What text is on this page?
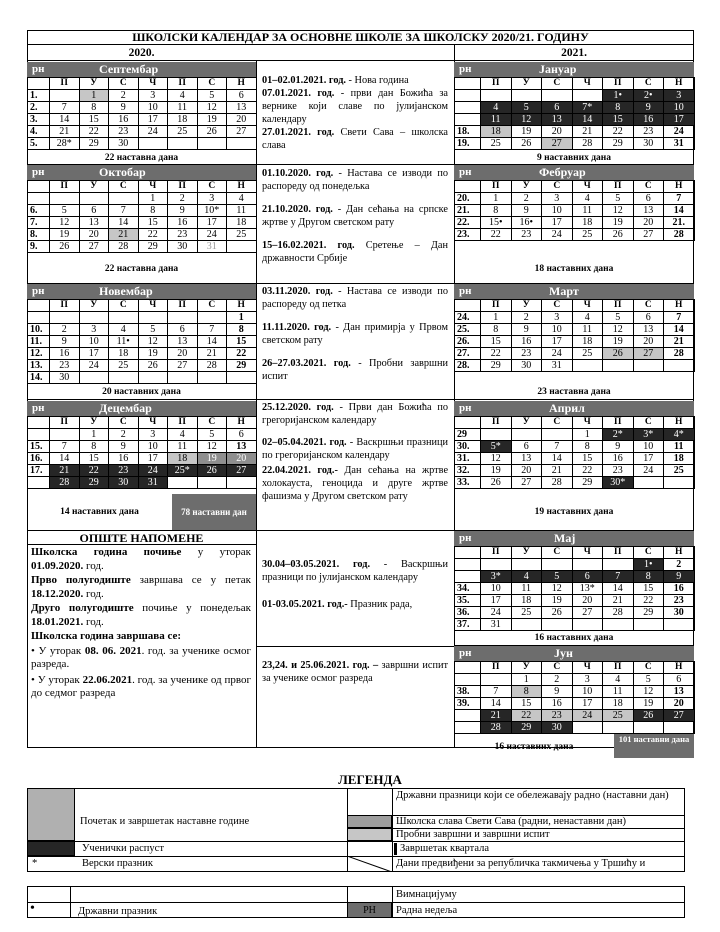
ШКОЛСКИ КАЛЕНДАР ЗА ОСНОВНЕ ШКОЛЕ ЗА ШКОЛСКУ 2020/21. ГОДИНУ
2020.	2021.
рн	Септембар
	П	У	С	Ч	П	С	Н
1.		1	2	3	4	5	6
2.	7	8	9	10	11	12	13
3.	14	15	16	17	18	19	20
4.	21	22	23	24	25	26	27
5.	28*	29	30				
22 наставна дана
рн	Октобар
	П	У	С	Ч	П	С	Н
				1	2	3	4
6.	5	6	7	8	9	10*	11
7.	12	13	14	15	16	17	18
8.	19	20	21	22	23	24	25
9.	26	27	28	29	30	31	
22 наставна дана
рн	Новембар
	П	У	С	Ч	П	С	Н
							1
10.	2	3	4	5	6	7	8
11.	9	10	11•	12	13	14	15
12.	16	17	18	19	20	21	22
13.	23	24	25	26	27	28	29
14.	30						
20 наставних дана
рн	Децембар
	П	У	С	Ч	П	С	Н
		1	2	3	4	5	6
15.	7	8	9	10	11	12	13
16.	14	15	16	17	18	19	20
17.	21	22	23	24	25*	26	27
	28	29	30	31			
14 наставних дана	78 наставни дан
ОПШТЕ НАПОМЕНЕ

Школска година почиње у уторак 01.09.2020. год.

Прво полугодиште завршава се у петак 18.12.2020. год.

Друго полугодиште почиње у понедељак 18.01.2021. год.

Школска година завршава се:

• У уторак 08. 06. 2021. год. за ученике осмог разреда.
• У уторак 22.06.2021. год. за ученике од првог до седмог разреда

01–02.01.2021. год. - Нова година

07.01.2021. год. - први дан Божића за вернике који славе по јулијанском календару

27.01.2021. год. Свети Сава – школска слава

01.10.2020. год. - Настава се изводи по распореду од понедељка

21.10.2020. год. - Дан сећања на српске жртве у Другом светском рату

15–16.02.2021. год. Сретење – Дан државности Србије

03.11.2020. год. - Настава се изводи по распореду од петка

11.11.2020. год. - Дан примирја у Првом светском рату

26–27.03.2021. год. - Пробни завршни испит

25.12.2020. год. - Први дан Божића по грегоријанском календару

02–05.04.2021. год. - Васкршњи празници по грегоријанском календару

22.04.2021. год.- Дан сећања на жртве холокауста, геноцида и друге жртве фашизма у Другом светском рату

30.04–03.05.2021. год. - Васкршњи празници по јулијанском календару

01-03.05.2021. год.- Празник рада,

23,24. и 25.06.2021. год. – завршни испит за ученике осмог разреда

рн	Јануар
	П	У	С	Ч	П	С	Н
					1•	2•	3
	4	5	6	7*	8	9	10
	11	12	13	14	15	16	17
18.	18	19	20	21	22	23	24
19.	25	26	27	28	29	30	31
9 наставних дана
рн	Фебруар
	П	У	С	Ч	П	С	Н
20.	1	2	3	4	5	6	7
21.	8	9	10	11	12	13	14
22.	15•	16•	17	18	19	20	21.
23.	22	23	24	25	26	27	28
18 наставних дана
рн	Март
	П	У	С	Ч	П	С	Н
24.	1	2	3	4	5	6	7
25.	8	9	10	11	12	13	14
26.	15	16	17	18	19	20	21
27.	22	23	24	25	26	27	28
28.	29	30	31				
23 наставна дана
рн	Април
	П	У	С	Ч	П	С	Н
29				1	2*	3*	4*
30.	5*	6	7	8	9	10	11
31.	12	13	14	15	16	17	18
32.	19	20	21	22	23	24	25
33.	26	27	28	29	30*		
19 наставних дана
рн	Мај
	П	У	С	Ч	П	С	Н
						1•	2
	3*	4	5	6	7	8	9
34.	10	11	12	13*	14	15	16
35.	17	18	19	20	21	22	23
36.	24	25	26	27	28	29	30
37.	31						
16 наставних дана
рн	Јун
	П	У	С	Ч	П	С	Н
		1	2	3	4	5	6
38.	7	8	9	10	11	12	13
39.	14	15	16	17	18	19	20
	21	22	23	24	25	26	27
	28	29	30				
16 наставних дана
101 наставни дана
ЛЕГЕНДА
Почетак и завршетак наставне године
Ученички распуст
*	Верски празник
Државни празници који се обележавају радно (наставни дан)
Школска слава Свети Сава (радни, ненаставни дан)
Пробни завршни и завршни испит
Завршетак квартала
Дани предвиђени за републичка такмичења у Тршићу и
Вимнацијуму
•	Државни празник	РН	Радна недеља
